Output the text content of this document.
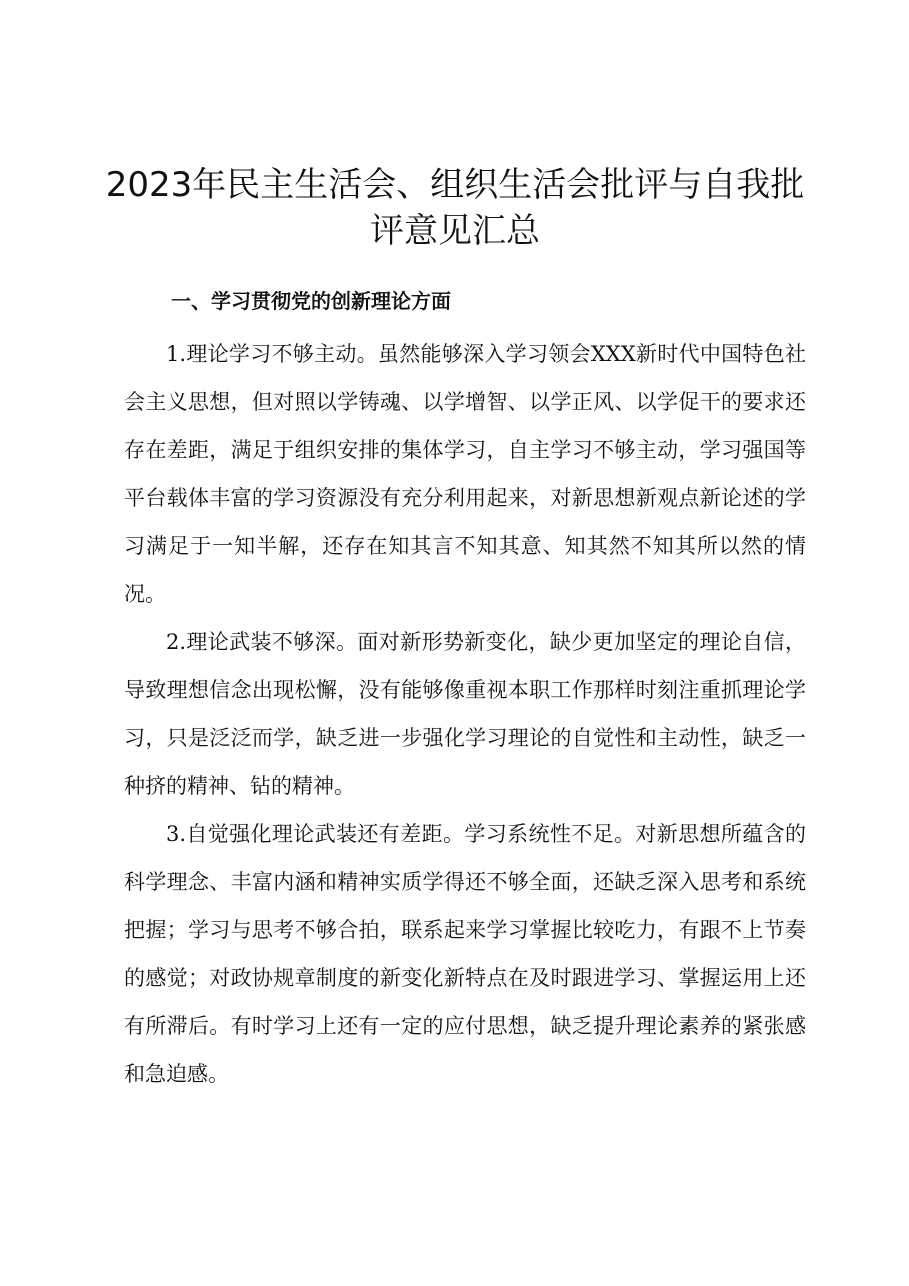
2023年民主生活会、组织生活会批评与自我批评意见汇总
一、学习贯彻党的创新理论方面

1.理论学习不够主动。虽然能够深入学习领会XXX新时代中国特色社会主义思想，但对照以学铸魂、以学增智、以学正风、以学促干的要求还存在差距，满足于组织安排的集体学习，自主学习不够主动，学习强国等平台载体丰富的学习资源没有充分利用起来，对新思想新观点新论述的学习满足于一知半解，还存在知其言不知其意、知其然不知其所以然的情况。

2.理论武装不够深。面对新形势新变化，缺少更加坚定的理论自信，导致理想信念出现松懈，没有能够像重视本职工作那样时刻注重抓理论学习，只是泛泛而学，缺乏进一步强化学习理论的自觉性和主动性，缺乏一种挤的精神、钻的精神。

3.自觉强化理论武装还有差距。学习系统性不足。对新思想所蕴含的科学理念、丰富内涵和精神实质学得还不够全面，还缺乏深入思考和系统把握；学习与思考不够合拍，联系起来学习掌握比较吃力，有跟不上节奏的感觉；对政协规章制度的新变化新特点在及时跟进学习、掌握运用上还有所滞后。有时学习上还有一定的应付思想，缺乏提升理论素养的紧张感和急迫感。
